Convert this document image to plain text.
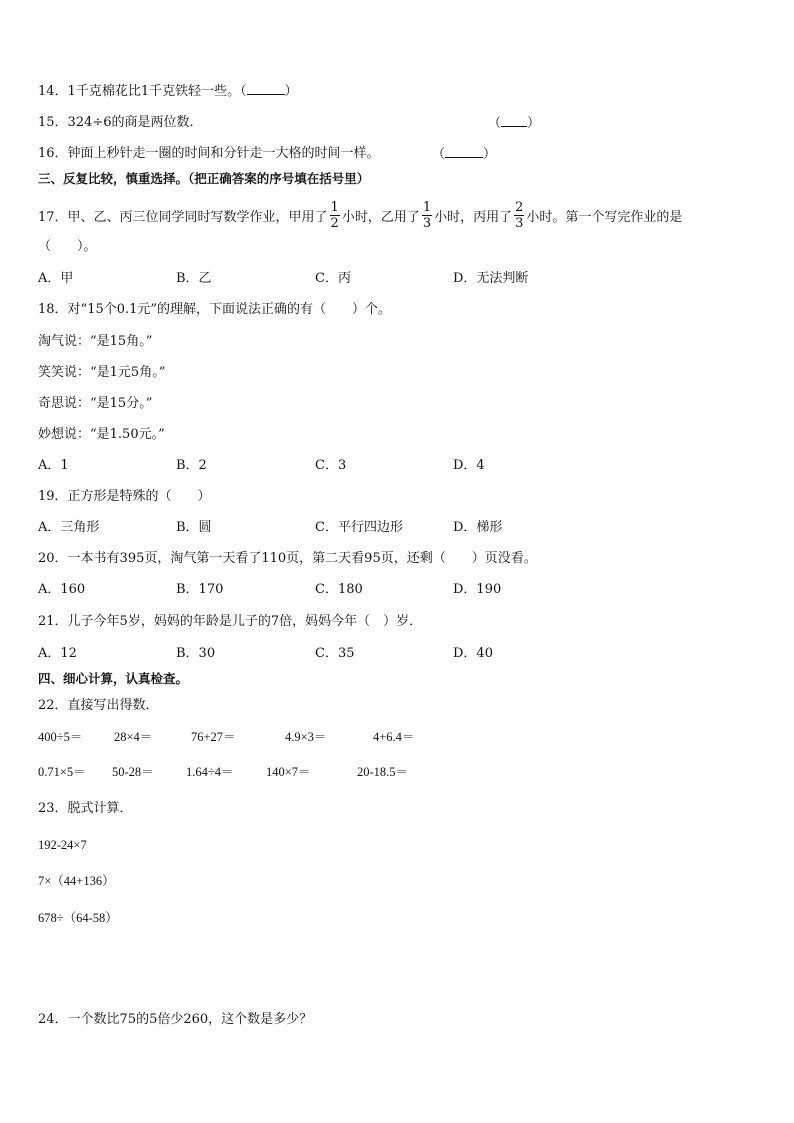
14．1千克棉花比1千克铁轻一些。（	）
15．324÷6的商是两位数．	（ ）
16．钟面上秒针走一圈的时间和分针走一大格的时间一样。	（	）
三、反复比较，慎重选择。（把正确答案的序号填在括号里）
17．甲、乙、丙三位同学同时写数学作业，甲用了 $\frac{1}{2}$ 小时，乙用了 $\frac{1}{3}$ 小时，丙用了 $\frac{2}{3}$ 小时。第一个写完作业的是
（　　）。
A．甲	B．乙	C．丙	D．无法判断
18．对“15个0.1元”的理解，下面说法正确的有（　　）个。
淘气说：“是15角。”
笑笑说：“是1元5角。”
奇思说：“是15分。”
妙想说：“是1.50元。”
A．1	B．2	C．3	D．4
19．正方形是特殊的（　　）
A．三角形	B．圆	C．平行四边形	D．梯形
20．一本书有395页，淘气第一天看了110页，第二天看95页，还剩（　　）页没看。
A．160	B．170	C．180	D．190
21．儿子今年5岁，妈妈的年龄是儿子的7倍，妈妈今年（　）岁．
A．12	B．30	C．35	D．40
四、细心计算，认真检查。
22．直接写出得数．
400÷5＝	28×4＝	76+27＝	4.9×3＝	4+6.4＝
0.71×5＝ 50-28＝	1.64÷4＝	140×7＝	20-18.5＝
23．脱式计算．
192-24×7
7×（44+136）
678÷（64-58）
24．一个数比75的5倍少260，这个数是多少？
